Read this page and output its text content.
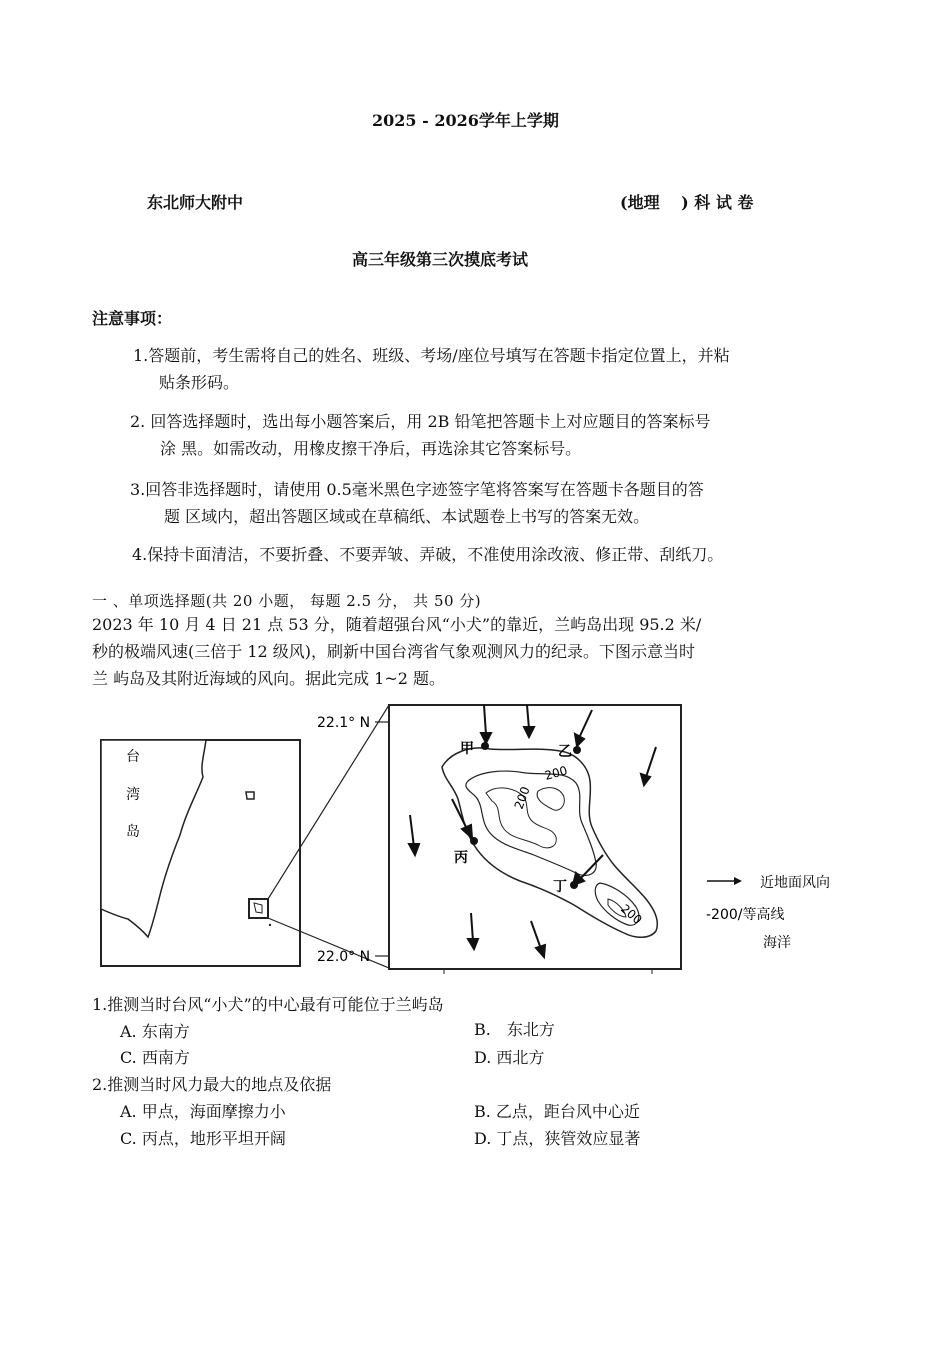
2025 - 2026学年上学期
东北师大附中	(地理　 ) 科 试 卷
高三年级第三次摸底考试
注意事项：
1.答题前，考生需将自己的姓名、班级、考场/座位号填写在答题卡指定位置上，并粘
贴条形码。
2. 回答选择题时，选出每小题答案后，用 2B 铅笔把答题卡上对应题目的答案标号
涂 黑。如需改动，用橡皮擦干净后，再选涂其它答案标号。
3.回答非选择题时，请使用 0.5毫米黑色字迹签字笔将答案写在答题卡各题目的答
题 区域内，超出答题区域或在草稿纸、本试题卷上书写的答案无效。
4.保持卡面清洁，不要折叠、不要弄皱、弄破，不准使用涂改液、修正带、刮纸刀。
一 、单项选择题(共 20 小题， 每题 2.5 分， 共 50 分)
2023 年 10 月 4 日 21 点 53 分，随着超强台风“小犬”的靠近，兰屿岛出现 95.2 米/
秒的极端风速(三倍于 12 级风)，刷新中国台湾省气象观测风力的纪录。下图示意当时
兰 屿岛及其附近海域的风向。据此完成 1~2 题。
台
湾
岛
22.1° N
22.0° N
200
200
200
甲	乙
丙
丁	近地面风向
-200/等高线
海洋
1.推测当时台风“小犬”的中心最有可能位于兰屿岛
A. 东南方	B.　东北方
C. 西南方	D. 西北方
2.推测当时风力最大的地点及依据
A. 甲点，海面摩擦力小	B. 乙点，距台风中心近
C. 丙点，地形平坦开阔	D. 丁点，狭管效应显著
